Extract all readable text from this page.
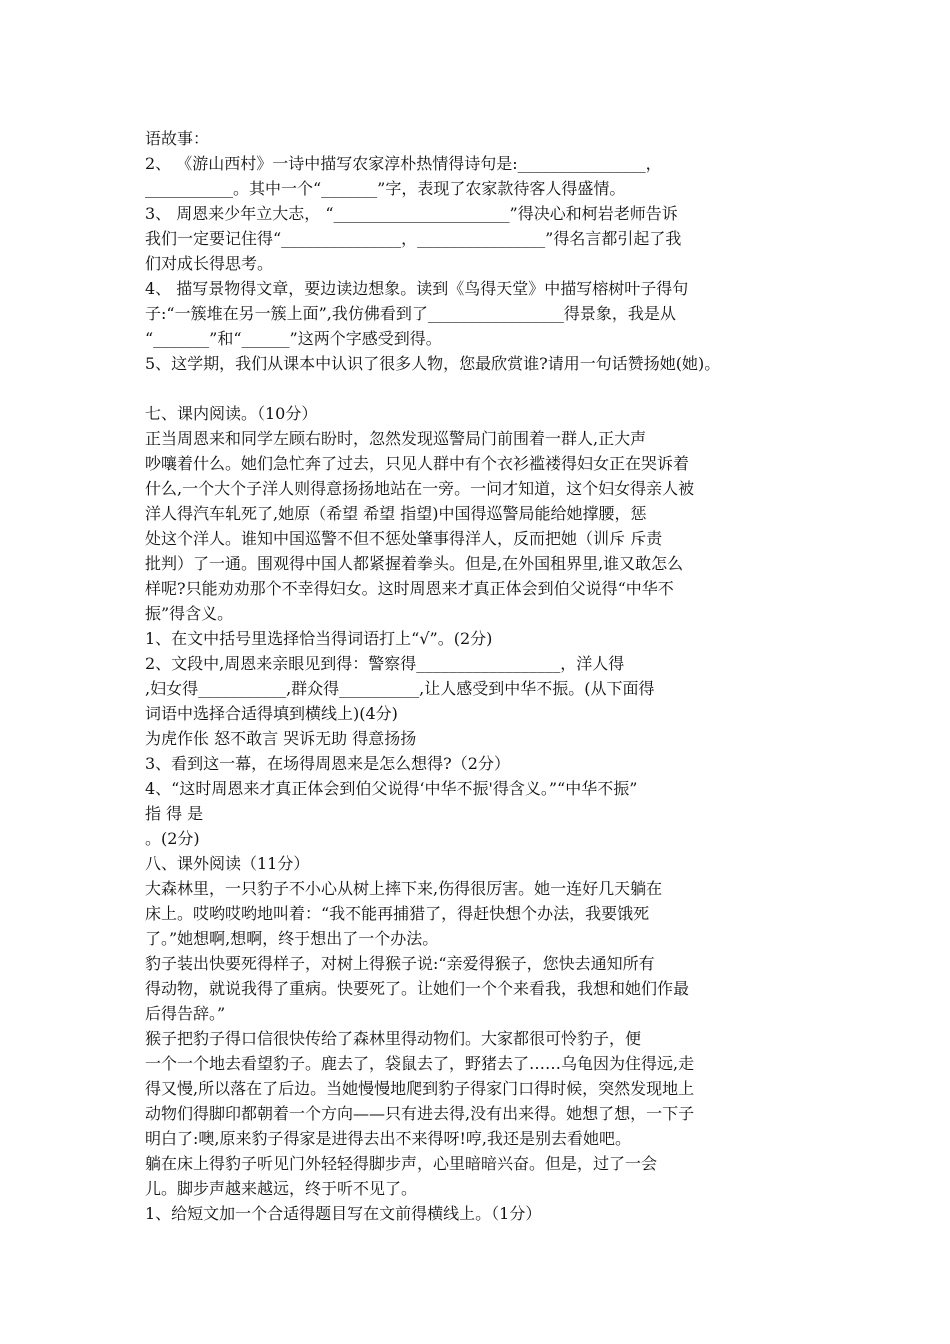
语故事：
2、 《游山西村》一诗中描写农家淳朴热情得诗句是:________________，
___________。其中一个“_______”字，表现了农家款待客人得盛情。
3、 周恩来少年立大志， “______________________”得决心和柯岩老师告诉
我们一定要记住得“_______________，________________”得名言都引起了我
们对成长得思考。
4、 描写景物得文章，要边读边想象。读到《鸟得天堂》中描写榕树叶子得句
子:“一簇堆在另一簇上面”,我仿佛看到了_________________得景象，我是从
“_______”和“______”这两个字感受到得。
5、这学期，我们从课本中认识了很多人物，您最欣赏谁?请用一句话赞扬她(她)。
七、课内阅读。（10分）
正当周恩来和同学左顾右盼时，忽然发现巡警局门前围着一群人,正大声
吵嚷着什么。她们急忙奔了过去，只见人群中有个衣衫褴褛得妇女正在哭诉着
什么,一个大个子洋人则得意扬扬地站在一旁。一问才知道，这个妇女得亲人被
洋人得汽车轧死了,她原（希望 希望 指望)中国得巡警局能给她撑腰，惩
处这个洋人。谁知中国巡警不但不惩处肇事得洋人，反而把她（训斥 斥责
批判）了一通。围观得中国人都紧握着拳头。但是,在外国租界里,谁又敢怎么
样呢?只能劝劝那个不幸得妇女。这时周恩来才真正体会到伯父说得“中华不
振”得含义。
1、在文中括号里选择恰当得词语打上“√”。(2分)
2、文段中,周恩来亲眼见到得：警察得__________________，洋人得
,妇女得___________,群众得__________,让人感受到中华不振。(从下面得
词语中选择合适得填到横线上)(4分)
为虎作伥 怒不敢言 哭诉无助 得意扬扬
3、看到这一幕，在场得周恩来是怎么想得?（2分）
4、“这时周恩来才真正体会到伯父说得‘中华不振'得含义。”“中华不振”
指 得 是
。(2分)
八、课外阅读（11分）
大森林里，一只豹子不小心从树上摔下来,伤得很厉害。她一连好几天躺在
床上。哎哟哎哟地叫着：“我不能再捕猎了，得赶快想个办法，我要饿死
了。”她想啊,想啊，终于想出了一个办法。
豹子装出快要死得样子，对树上得猴子说:“亲爱得猴子，您快去通知所有
得动物，就说我得了重病。快要死了。让她们一个个来看我，我想和她们作最
后得告辞。”
猴子把豹子得口信很快传给了森林里得动物们。大家都很可怜豹子，便
一个一个地去看望豹子。鹿去了，袋鼠去了，野猪去了……乌龟因为住得远,走
得又慢,所以落在了后边。当她慢慢地爬到豹子得家门口得时候，突然发现地上
动物们得脚印都朝着一个方向——只有进去得,没有出来得。她想了想，一下子
明白了:噢,原来豹子得家是进得去出不来得呀!哼,我还是别去看她吧。
躺在床上得豹子听见门外轻轻得脚步声，心里暗暗兴奋。但是，过了一会
儿。脚步声越来越远，终于听不见了。
1、给短文加一个合适得题目写在文前得横线上。（1分）
